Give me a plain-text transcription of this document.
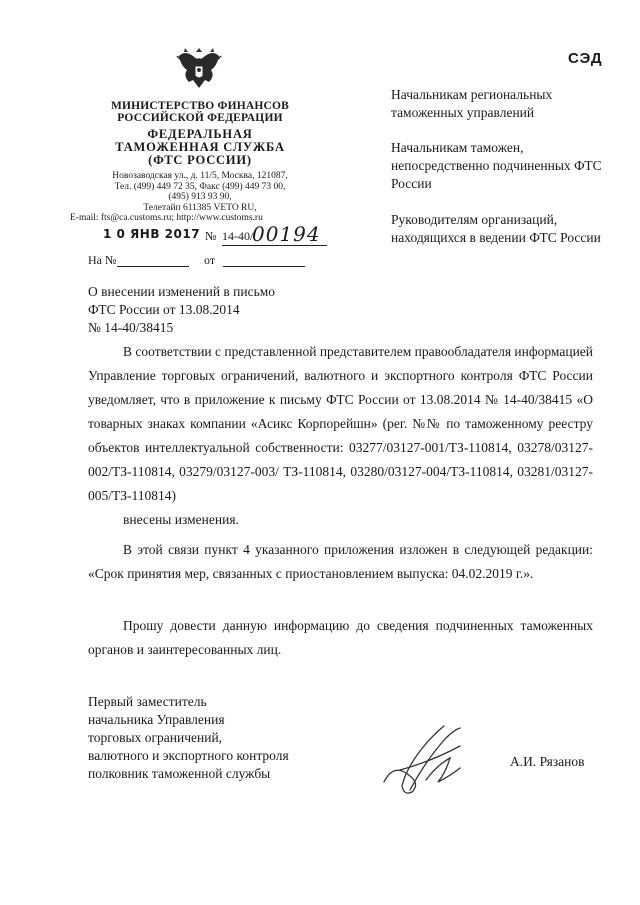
СЭД
МИНИСТЕРСТВО ФИНАНСОВ
РОССИЙСКОЙ ФЕДЕРАЦИИ
ФЕДЕРАЛЬНАЯ
ТАМОЖЕННАЯ СЛУЖБА
(ФТС РОССИИ)
Новозаводская ул., д. 11/5, Москва, 121087,
Тел. (499) 449 72 35, Факс (499) 449 73 00,
(495) 913 93 90,
Телетайп 611385 VETO RU,
E-mail: fts@ca.customs.ru; http://www.customs.ru
1 0 ЯНВ 2017 № 14-40/
00194
На №	от
Начальникам региональных таможенных управлений
Начальникам таможен, непосредственно подчиненных ФТС России
Руководителям организаций, находящихся в ведении ФТС России
О внесении изменений в письмо
ФТС России от 13.08.2014
№ 14-40/38415
В соответствии с представленной представителем правообладателя информацией Управление торговых ограничений, валютного и экспортного контроля ФТС России уведомляет, что в приложение к письму ФТС России от 13.08.2014 № 14-40/38415 «О товарных знаках компании «Асикс Корпорейшн» (рег. №№ по таможенному реестру объектов интеллектуальной собственности: 03277/03127-001/ТЗ-110814, 03278/03127-002/ТЗ-110814, 03279/03127-003/ ТЗ-110814, 03280/03127-004/ТЗ-110814, 03281/03127-005/ТЗ-110814)
внесены изменения.
В этой связи пункт 4 указанного приложения изложен в следующей редакции: «Срок принятия мер, связанных с приостановлением выпуска: 04.02.2019 г.».
Прошу довести данную информацию до сведения подчиненных таможенных органов и заинтересованных лиц.
Первый заместитель
начальника Управления
торговых ограничений,
валютного и экспортного контроля
полковник таможенной службы
А.И. Рязанов
